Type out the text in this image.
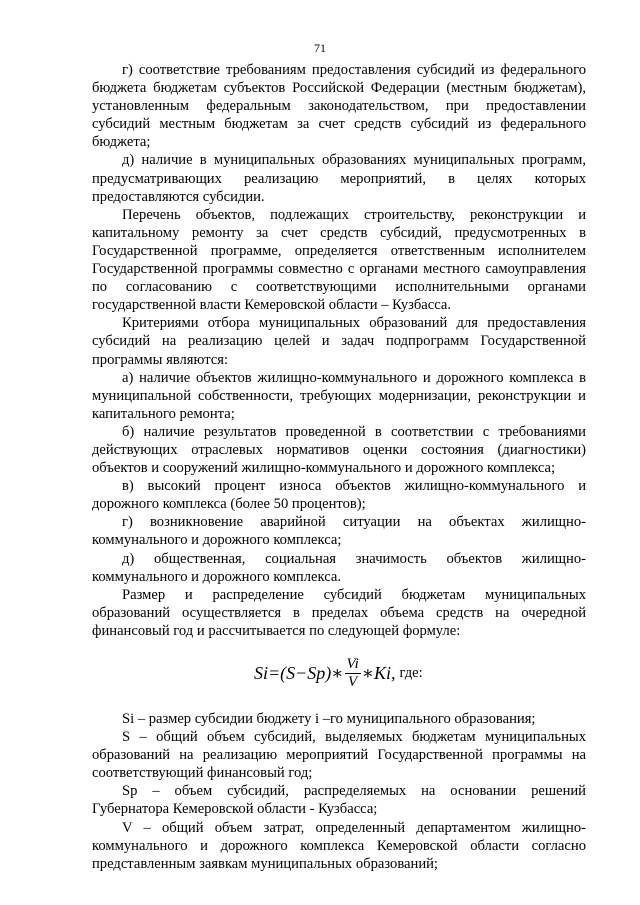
71

г) соответствие требованиям предоставления субсидий из федерального бюджета бюджетам субъектов Российской Федерации (местным бюджетам), установленным федеральным законодательством, при предоставлении субсидий местным бюджетам за счет средств субсидий из федерального бюджета;

д) наличие в муниципальных образованиях муниципальных программ, предусматривающих реализацию мероприятий, в целях которых предоставляются субсидии.

Перечень объектов, подлежащих строительству, реконструкции и капитальному ремонту за счет средств субсидий, предусмотренных в Государственной программе, определяется ответственным исполнителем Государственной программы совместно с органами местного самоуправления по согласованию с соответствующими исполнительными органами государственной власти Кемеровской области – Кузбасса.

Критериями отбора муниципальных образований для предоставления субсидий на реализацию целей и задач подпрограмм Государственной программы являются:

а) наличие объектов жилищно-коммунального и дорожного комплекса в муниципальной собственности, требующих модернизации, реконструкции и капитального ремонта;

б) наличие результатов проведенной в соответствии с требованиями действующих отраслевых нормативов оценки состояния (диагностики) объектов и сооружений жилищно-коммунального и дорожного комплекса;

в) высокий процент износа объектов жилищно-коммунального и дорожного комплекса (более 50 процентов);

г) возникновение аварийной ситуации на объектах жилищно-коммунального и дорожного комплекса;

д) общественная, социальная значимость объектов жилищно-коммунального и дорожного комплекса.

Размер и распределение субсидий бюджетам муниципальных образований осуществляется в пределах объема средств на очередной финансовый год и рассчитывается по следующей формуле:

Si =(S−Sp)∗ $\frac{Vi}{V}$ ∗Ki, где:

Si – размер субсидии бюджету i –го муниципального образования;

S – общий объем субсидий, выделяемых бюджетам муниципальных образований на реализацию мероприятий Государственной программы на соответствующий финансовый год;

Sp – объем субсидий, распределяемых на основании решений Губернатора Кемеровской области - Кузбасса;

V – общий объем затрат, определенный департаментом жилищно-коммунального и дорожного комплекса Кемеровской области согласно представленным заявкам муниципальных образований;
